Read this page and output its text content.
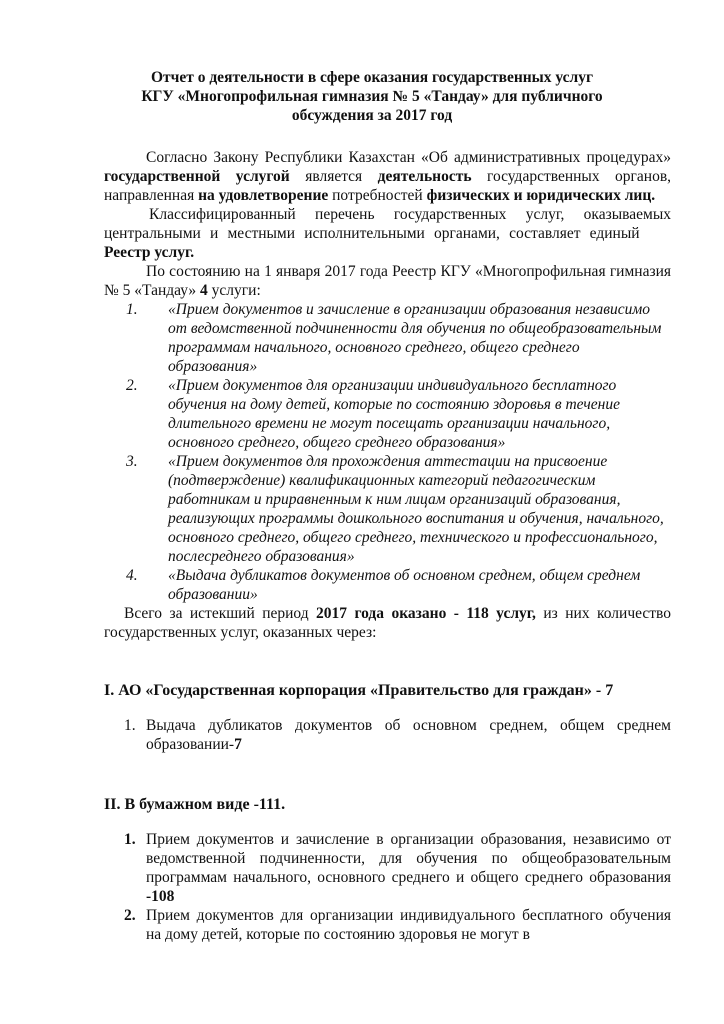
Отчет о деятельности в сфере оказания государственных услуг
КГУ «Многопрофильная гимназия № 5 «Тандау» для публичного
обсуждения за 2017 год

Согласно Закону Республики Казахстан «Об административных процедурах» государственной услугой является деятельность государственных органов, направленная на удовлетворение потребностей физических и юридических лиц.

Классифицированный перечень государственных услуг, оказываемых центральными и местными исполнительными органами, составляет единый     Реестр услуг.

По состоянию на 1 января 2017 года Реестр КГУ «Многопрофильная гимназия № 5 «Тандау» 4 услуги:

1.	«Прием документов и зачисление в организации образования независимо от ведомственной подчиненности для обучения по общеобразовательным программам начального, основного среднего, общего среднего образования»
2.	«Прием документов для организации индивидуального бесплатного обучения на дому детей, которые по состоянию здоровья в течение длительного времени не могут посещать организации начального, основного среднего, общего среднего образования»
3.	«Прием документов для прохождения аттестации на присвоение (подтверждение) квалификационных категорий педагогическим работникам и приравненным к ним лицам организаций образования, реализующих программы дошкольного воспитания и обучения, начального, основного среднего, общего среднего, технического и профессионального, послесреднего образования»
4.	«Выдача дубликатов документов об основном среднем, общем среднем образовании»

Всего за истекший период 2017 года оказано - 118 услуг, из них количество государственных услуг, оказанных через:

I. АО «Государственная корпорация «Правительство для граждан» - 7
1. Выдача дубликатов документов об основном среднем, общем среднем образовании-7
II. В бумажном виде -111.
1. Прием документов и зачисление в организации образования, независимо от ведомственной подчиненности, для обучения по общеобразовательным программам начального, основного среднего и общего среднего образования -108
2. Прием документов для организации индивидуального бесплатного обучения на дому детей, которые по состоянию здоровья не могут в
